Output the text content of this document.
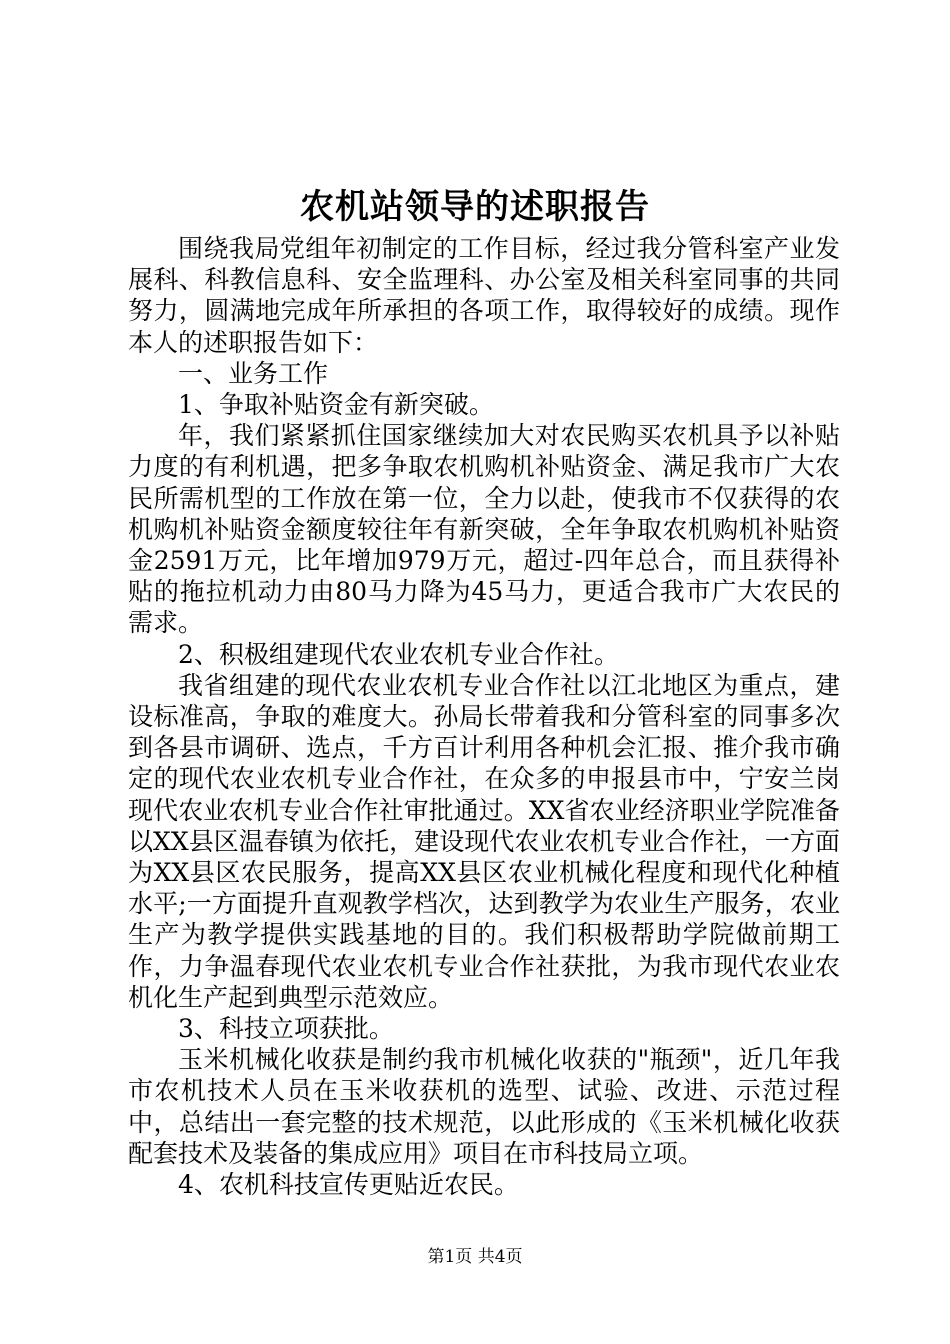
农机站领导的述职报告

围绕我局党组年初制定的工作目标，经过我分管科室产业发展科、科教信息科、安全监理科、办公室及相关科室同事的共同努力，圆满地完成年所承担的各项工作，取得较好的成绩。现作本人的述职报告如下：

一、业务工作

1、争取补贴资金有新突破。

年，我们紧紧抓住国家继续加大对农民购买农机具予以补贴力度的有利机遇，把多争取农机购机补贴资金、满足我市广大农民所需机型的工作放在第一位，全力以赴，使我市不仅获得的农机购机补贴资金额度较往年有新突破，全年争取农机购机补贴资金2591万元，比年增加979万元，超过-四年总合，而且获得补贴的拖拉机动力由80马力降为45马力，更适合我市广大农民的需求。

2、积极组建现代农业农机专业合作社。

我省组建的现代农业农机专业合作社以江北地区为重点，建设标准高，争取的难度大。孙局长带着我和分管科室的同事多次到各县市调研、选点，千方百计利用各种机会汇报、推介我市确定的现代农业农机专业合作社，在众多的申报县市中，宁安兰岗现代农业农机专业合作社审批通过。XX省农业经济职业学院准备以XX县区温春镇为依托，建设现代农业农机专业合作社，一方面为XX县区农民服务，提高XX县区农业机械化程度和现代化种植水平;一方面提升直观教学档次，达到教学为农业生产服务，农业生产为教学提供实践基地的目的。我们积极帮助学院做前期工作，力争温春现代农业农机专业合作社获批，为我市现代农业农机化生产起到典型示范效应。

3、科技立项获批。

玉米机械化收获是制约我市机械化收获的"瓶颈"，近几年我市农机技术人员在玉米收获机的选型、试验、改进、示范过程中，总结出一套完整的技术规范，以此形成的《玉米机械化收获配套技术及装备的集成应用》项目在市科技局立项。

4、农机科技宣传更贴近农民。

第1页 共4页
